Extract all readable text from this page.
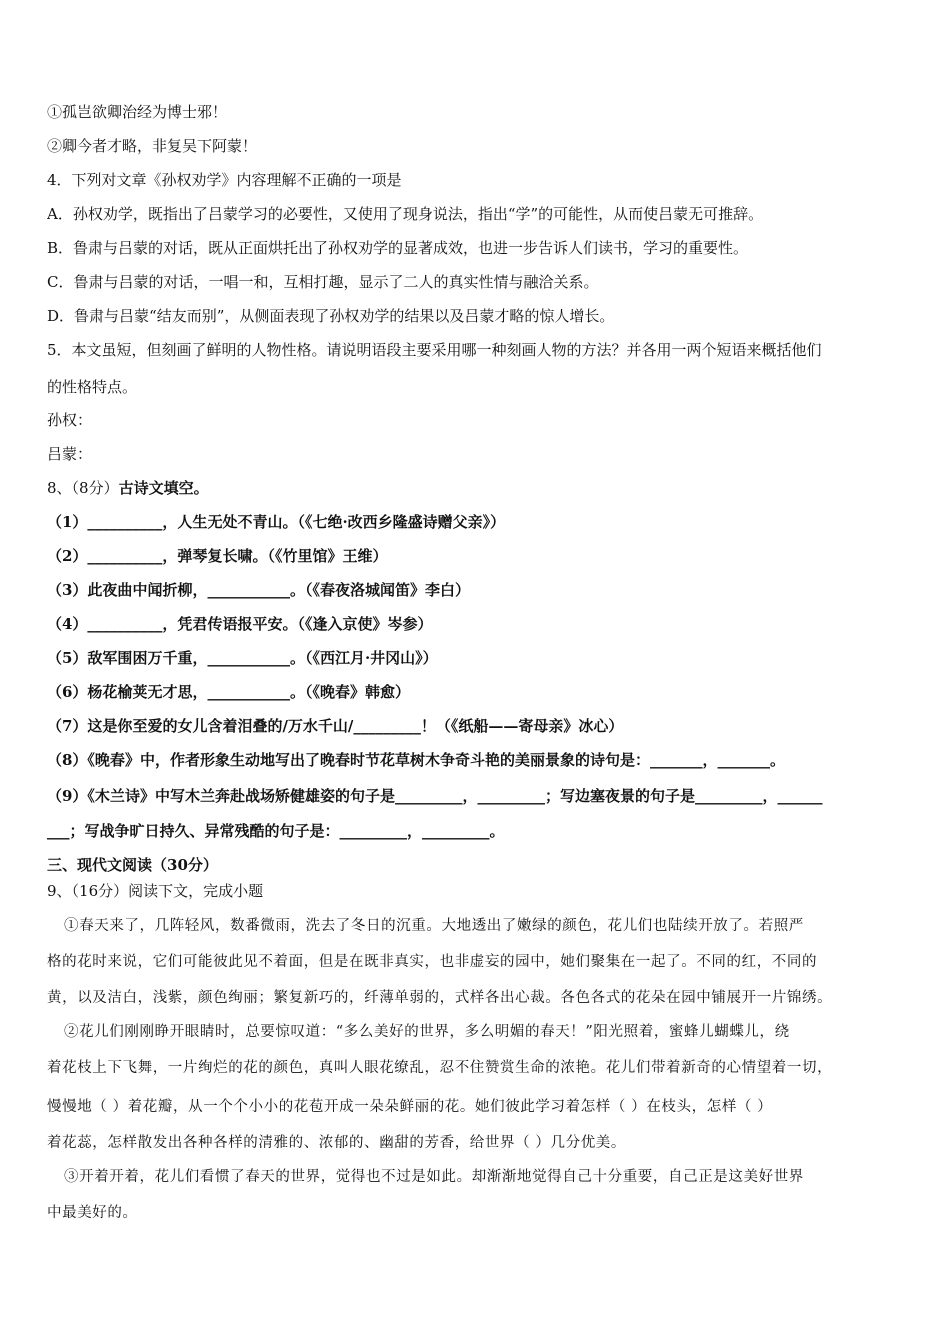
①孤岂欲卿治经为博士邪！
②卿今者才略，非复吴下阿蒙！
4．下列对文章《孙权劝学》内容理解不正确的一项是
A．孙权劝学，既指出了吕蒙学习的必要性，又使用了现身说法，指出“学”的可能性，从而使吕蒙无可推辞。
B．鲁肃与吕蒙的对话，既从正面烘托出了孙权劝学的显著成效，也进一步告诉人们读书，学习的重要性。
C．鲁肃与吕蒙的对话，一唱一和，互相打趣，显示了二人的真实性情与融洽关系。
D．鲁肃与吕蒙“结友而别”，从侧面表现了孙权劝学的结果以及吕蒙才略的惊人增长。
5．本文虽短，但刻画了鲜明的人物性格。请说明语段主要采用哪一种刻画人物的方法？并各用一两个短语来概括他们
的性格特点。
孙权：
吕蒙：
8、（8分）古诗文填空。
（1）__________，人生无处不青山。（《七绝·改西乡隆盛诗赠父亲》）
（2）__________，弹琴复长啸。（《竹里馆》王维）
（3）此夜曲中闻折柳，___________。（《春夜洛城闻笛》李白）
（4）__________，凭君传语报平安。（《逢入京使》岑参）
（5）敌军围困万千重，___________。（《西江月·井冈山》）
（6）杨花榆荚无才思，___________。（《晚春》韩愈）
（7）这是你至爱的女儿含着泪叠的/万水千山/_________！（《纸船——寄母亲》冰心）
（8）《晚春》中，作者形象生动地写出了晚春时节花草树木争奇斗艳的美丽景象的诗句是：_______，_______。
（9）《木兰诗》中写木兰奔赴战场矫健雄姿的句子是_________，_________；写边塞夜景的句子是_________，______
___；写战争旷日持久、异常残酷的句子是：_________，_________。
三、现代文阅读（30分）
9、（16分）阅读下文，完成小题
①春天来了，几阵轻风，数番微雨，洗去了冬日的沉重。大地透出了嫩绿的颜色，花儿们也陆续开放了。若照严
格的花时来说，它们可能彼此见不着面，但是在既非真实，也非虚妄的园中，她们聚集在一起了。不同的红，不同的
黄，以及洁白，浅紫，颜色绚丽；繁复新巧的，纤薄单弱的，式样各出心裁。各色各式的花朵在园中铺展开一片锦绣。
②花儿们刚刚睁开眼睛时，总要惊叹道：“多么美好的世界，多么明媚的春天！”阳光照着，蜜蜂儿蝴蝶儿，绕
着花枝上下飞舞，一片绚烂的花的颜色，真叫人眼花缭乱，忍不住赞赏生命的浓艳。花儿们带着新奇的心情望着一切，
慢慢地（ ）着花瓣，从一个个小小的花苞开成一朵朵鲜丽的花。她们彼此学习着怎样（ ）在枝头，怎样（ ）
着花蕊，怎样散发出各种各样的清雅的、浓郁的、幽甜的芳香，给世界（ ）几分优美。
③开着开着，花儿们看惯了春天的世界，觉得也不过是如此。却渐渐地觉得自己十分重要，自己正是这美好世界
中最美好的。
